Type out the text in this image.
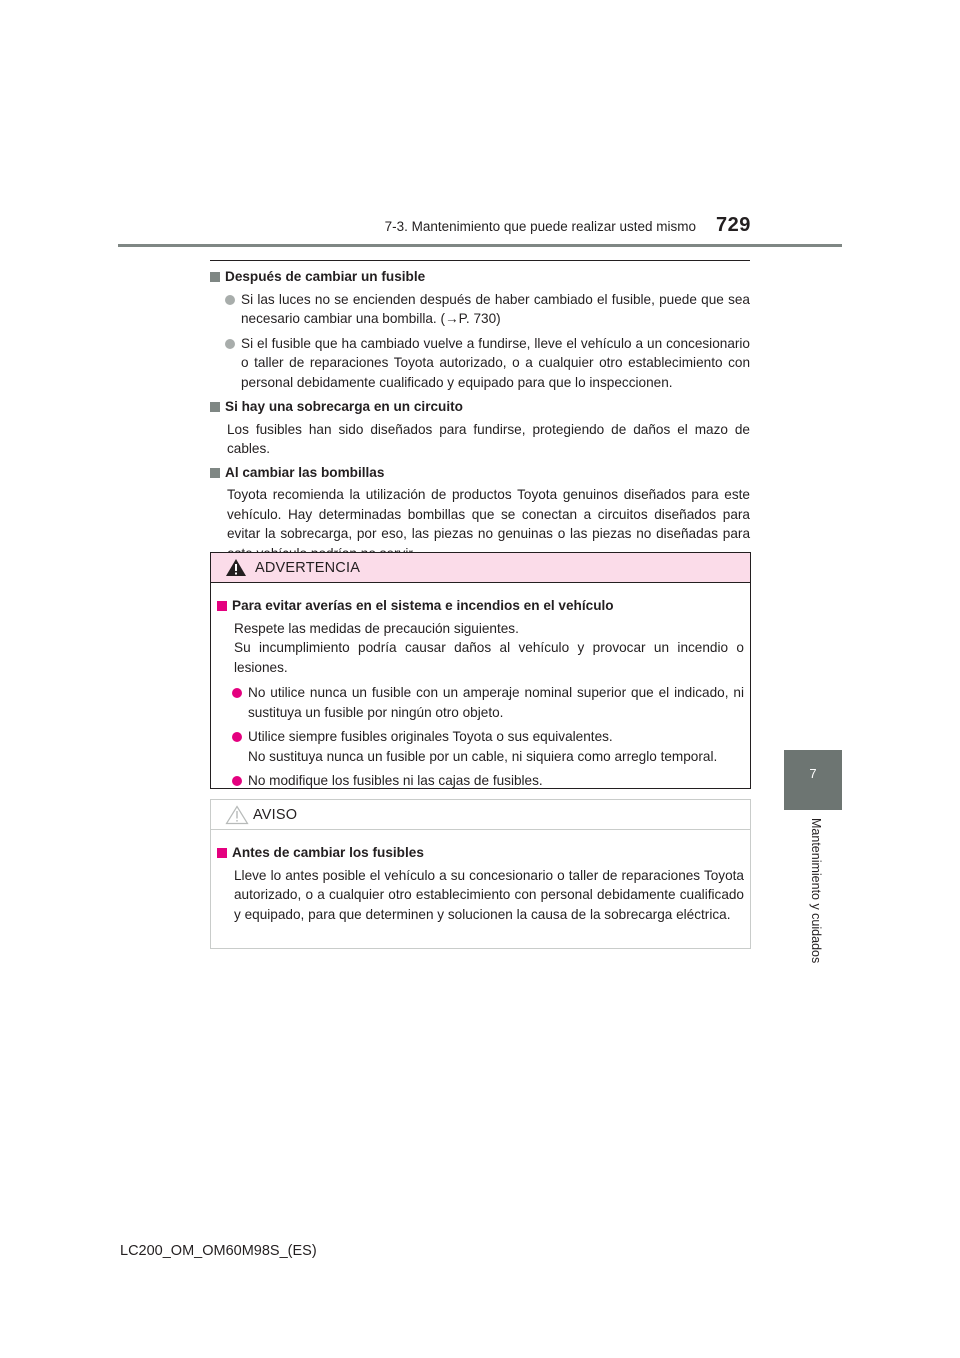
7-3. Mantenimiento que puede realizar usted mismo 729
7
Mantenimiento y cuidados
Después de cambiar un fusible
Si las luces no se encienden después de haber cambiado el fusible, puede que sea necesario cambiar una bombilla. (→P. 730)
Si el fusible que ha cambiado vuelve a fundirse, lleve el vehículo a un concesionario o taller de reparaciones Toyota autorizado, o a cualquier otro establecimiento con personal debidamente cualificado y equipado para que lo inspeccionen.
Si hay una sobrecarga en un circuito
Los fusibles han sido diseñados para fundirse, protegiendo de daños el mazo de cables.
Al cambiar las bombillas
Toyota recomienda la utilización de productos Toyota genuinos diseñados para este vehículo. Hay determinadas bombillas que se conectan a circuitos diseñados para evitar la sobrecarga, por eso, las piezas no genuinas o las piezas no diseñadas para
ADVERTENCIA
Para evitar averías en el sistema e incendios en el vehículo
Respete las medidas de precaución siguientes.
Su incumplimiento podría causar daños al vehículo y provocar un incendio o lesiones.
No utilice nunca un fusible con un amperaje nominal superior que el indicado, ni sustituya un fusible por ningún otro objeto.
Utilice siempre fusibles originales Toyota o sus equivalentes.
No sustituya nunca un fusible por un cable, ni siquiera como arreglo temporal.
No modifique los fusibles ni las cajas de fusibles.
AVISO
Antes de cambiar los fusibles
Lleve lo antes posible el vehículo a su concesionario o taller de reparaciones Toyota autorizado, o a cualquier otro establecimiento con personal debidamente cualificado y equipado, para que determinen y solucionen la causa de la sobrecarga eléctrica.
LC200_OM_OM60M98S_(ES)
